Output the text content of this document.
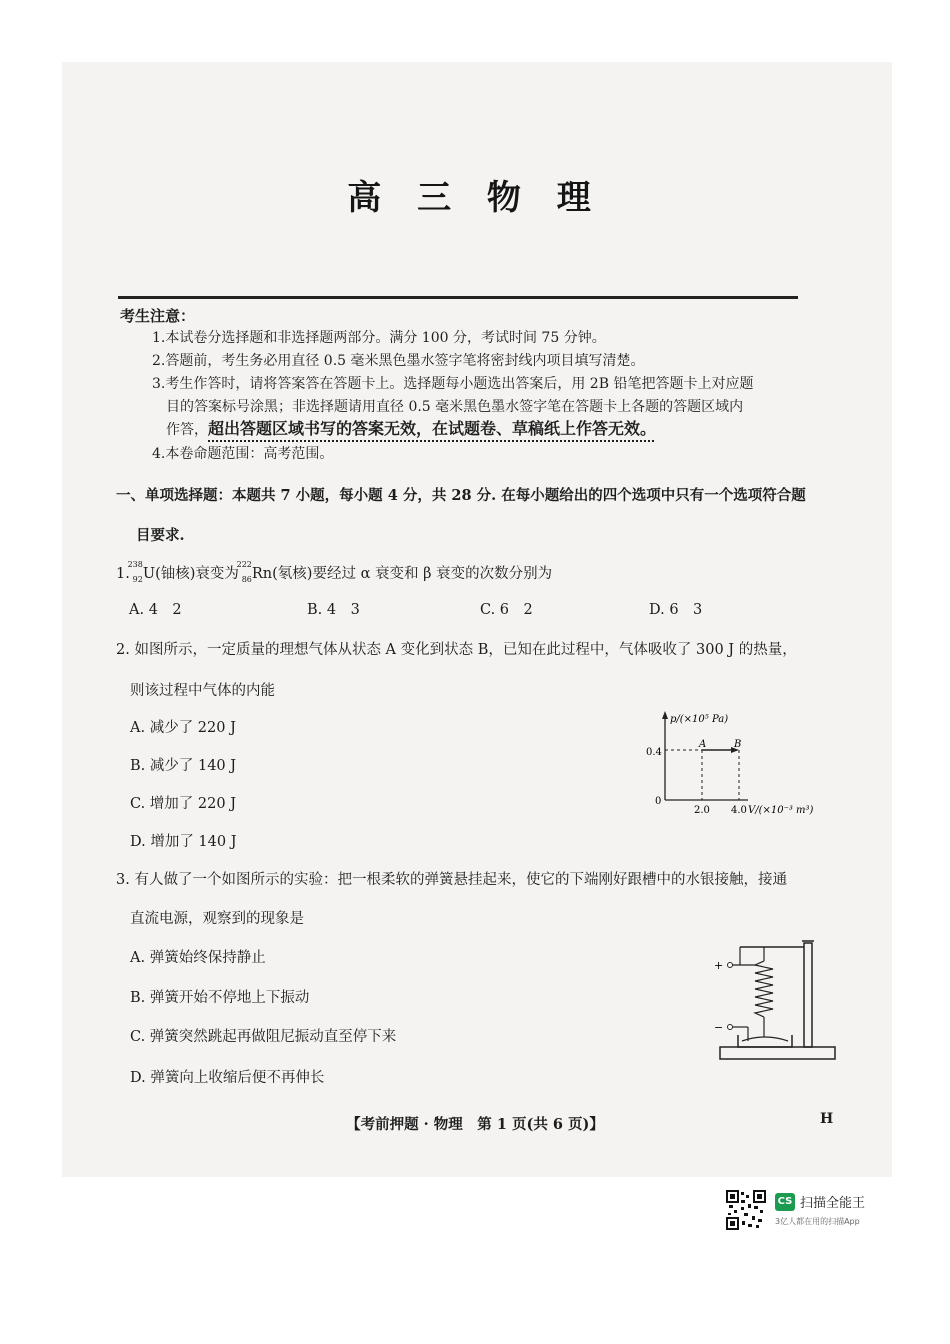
高 三 物 理
考生注意：
1.本试卷分选择题和非选择题两部分。满分 100 分，考试时间 75 分钟。
2.答题前，考生务必用直径 0.5 毫米黑色墨水签字笔将密封线内项目填写清楚。
3.考生作答时，请将答案答在答题卡上。选择题每小题选出答案后，用 2B 铅笔把答题卡上对应题
目的答案标号涂黑；非选择题请用直径 0.5 毫米黑色墨水签字笔在答题卡上各题的答题区域内
作答，超出答题区域书写的答案无效，在试题卷、草稿纸上作答无效。
4.本卷命题范围：高考范围。
一、单项选择题：本题共 7 小题，每小题 4 分，共 28 分. 在每小题给出的四个选项中只有一个选项符合题
目要求.
1.
238
92 U(铀核)衰变为
222
86 Rn(氡核)要经过 α 衰变和 β 衰变的次数分别为
A. 4　2	B. 4　3	C. 6　2	D. 6　3
2. 如图所示，一定质量的理想气体从状态 A 变化到状态 B，已知在此过程中，气体吸收了 300 J 的热量，
则该过程中气体的内能
A. 减少了 220 J
B. 减少了 140 J
C. 增加了 220 J
D. 增加了 140 J
p/(×10⁵ Pa)
0.4
0
2.0 4.0 V/(×10⁻³ m³)
A	B
3. 有人做了一个如图所示的实验：把一根柔软的弹簧悬挂起来，使它的下端刚好跟槽中的水银接触，接通
直流电源，观察到的现象是
A. 弹簧始终保持静止
B. 弹簧开始不停地上下振动
C. 弹簧突然跳起再做阻尼振动直至停下来
D. 弹簧向上收缩后便不再伸长
+
−
【考前押题 · 物理　第 1 页(共 6 页)】	H
CS 扫描全能王
3亿人都在用的扫描App
